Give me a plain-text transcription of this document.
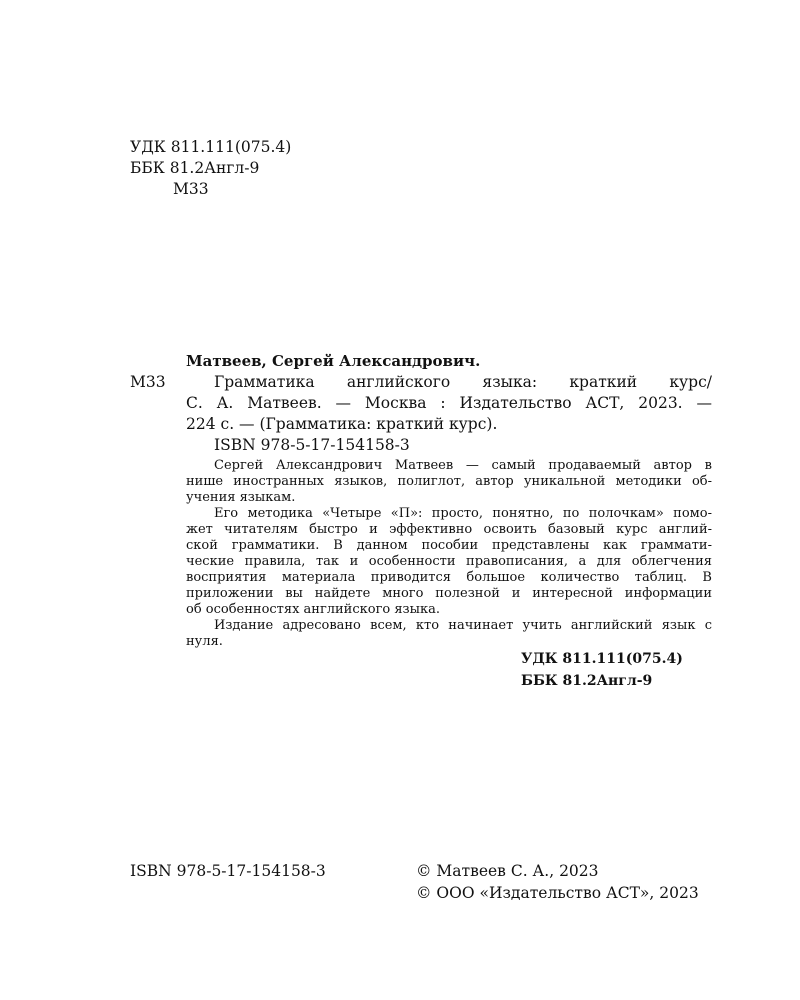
УДК 811.111(075.4)
ББК 81.2Англ-9
М33
Матвеев, Сергей Александрович.
М33	Грамматика английского языка: краткий курс/
С. А. Матвеев. — Москва : Издательство АСТ, 2023. —
224 с. — (Грамматика: краткий курс).
ISBN 978-5-17-154158-3

Сергей Александрович Матвеев — самый продаваемый автор в
нише иностранных языков, полиглот, автор уникальной методики об-
учения языкам.

Его методика «Четыре «П»: просто, понятно, по полочкам» помо-
жет читателям быстро и эффективно освоить базовый курс англий-
ской грамматики. В данном пособии представлены как граммати-
ческие правила, так и особенности правописания, а для облегчения
восприятия материала приводится большое количество таблиц. В
приложении вы найдете много полезной и интересной информации
об особенностях английского языка.

Издание адресовано всем, кто начинает учить английский язык с
нуля.

УДК 811.111(075.4)
ББК 81.2Англ-9
ISBN 978-5-17-154158-3	© Матвеев С. А., 2023
© ООО «Издательство АСТ», 2023
